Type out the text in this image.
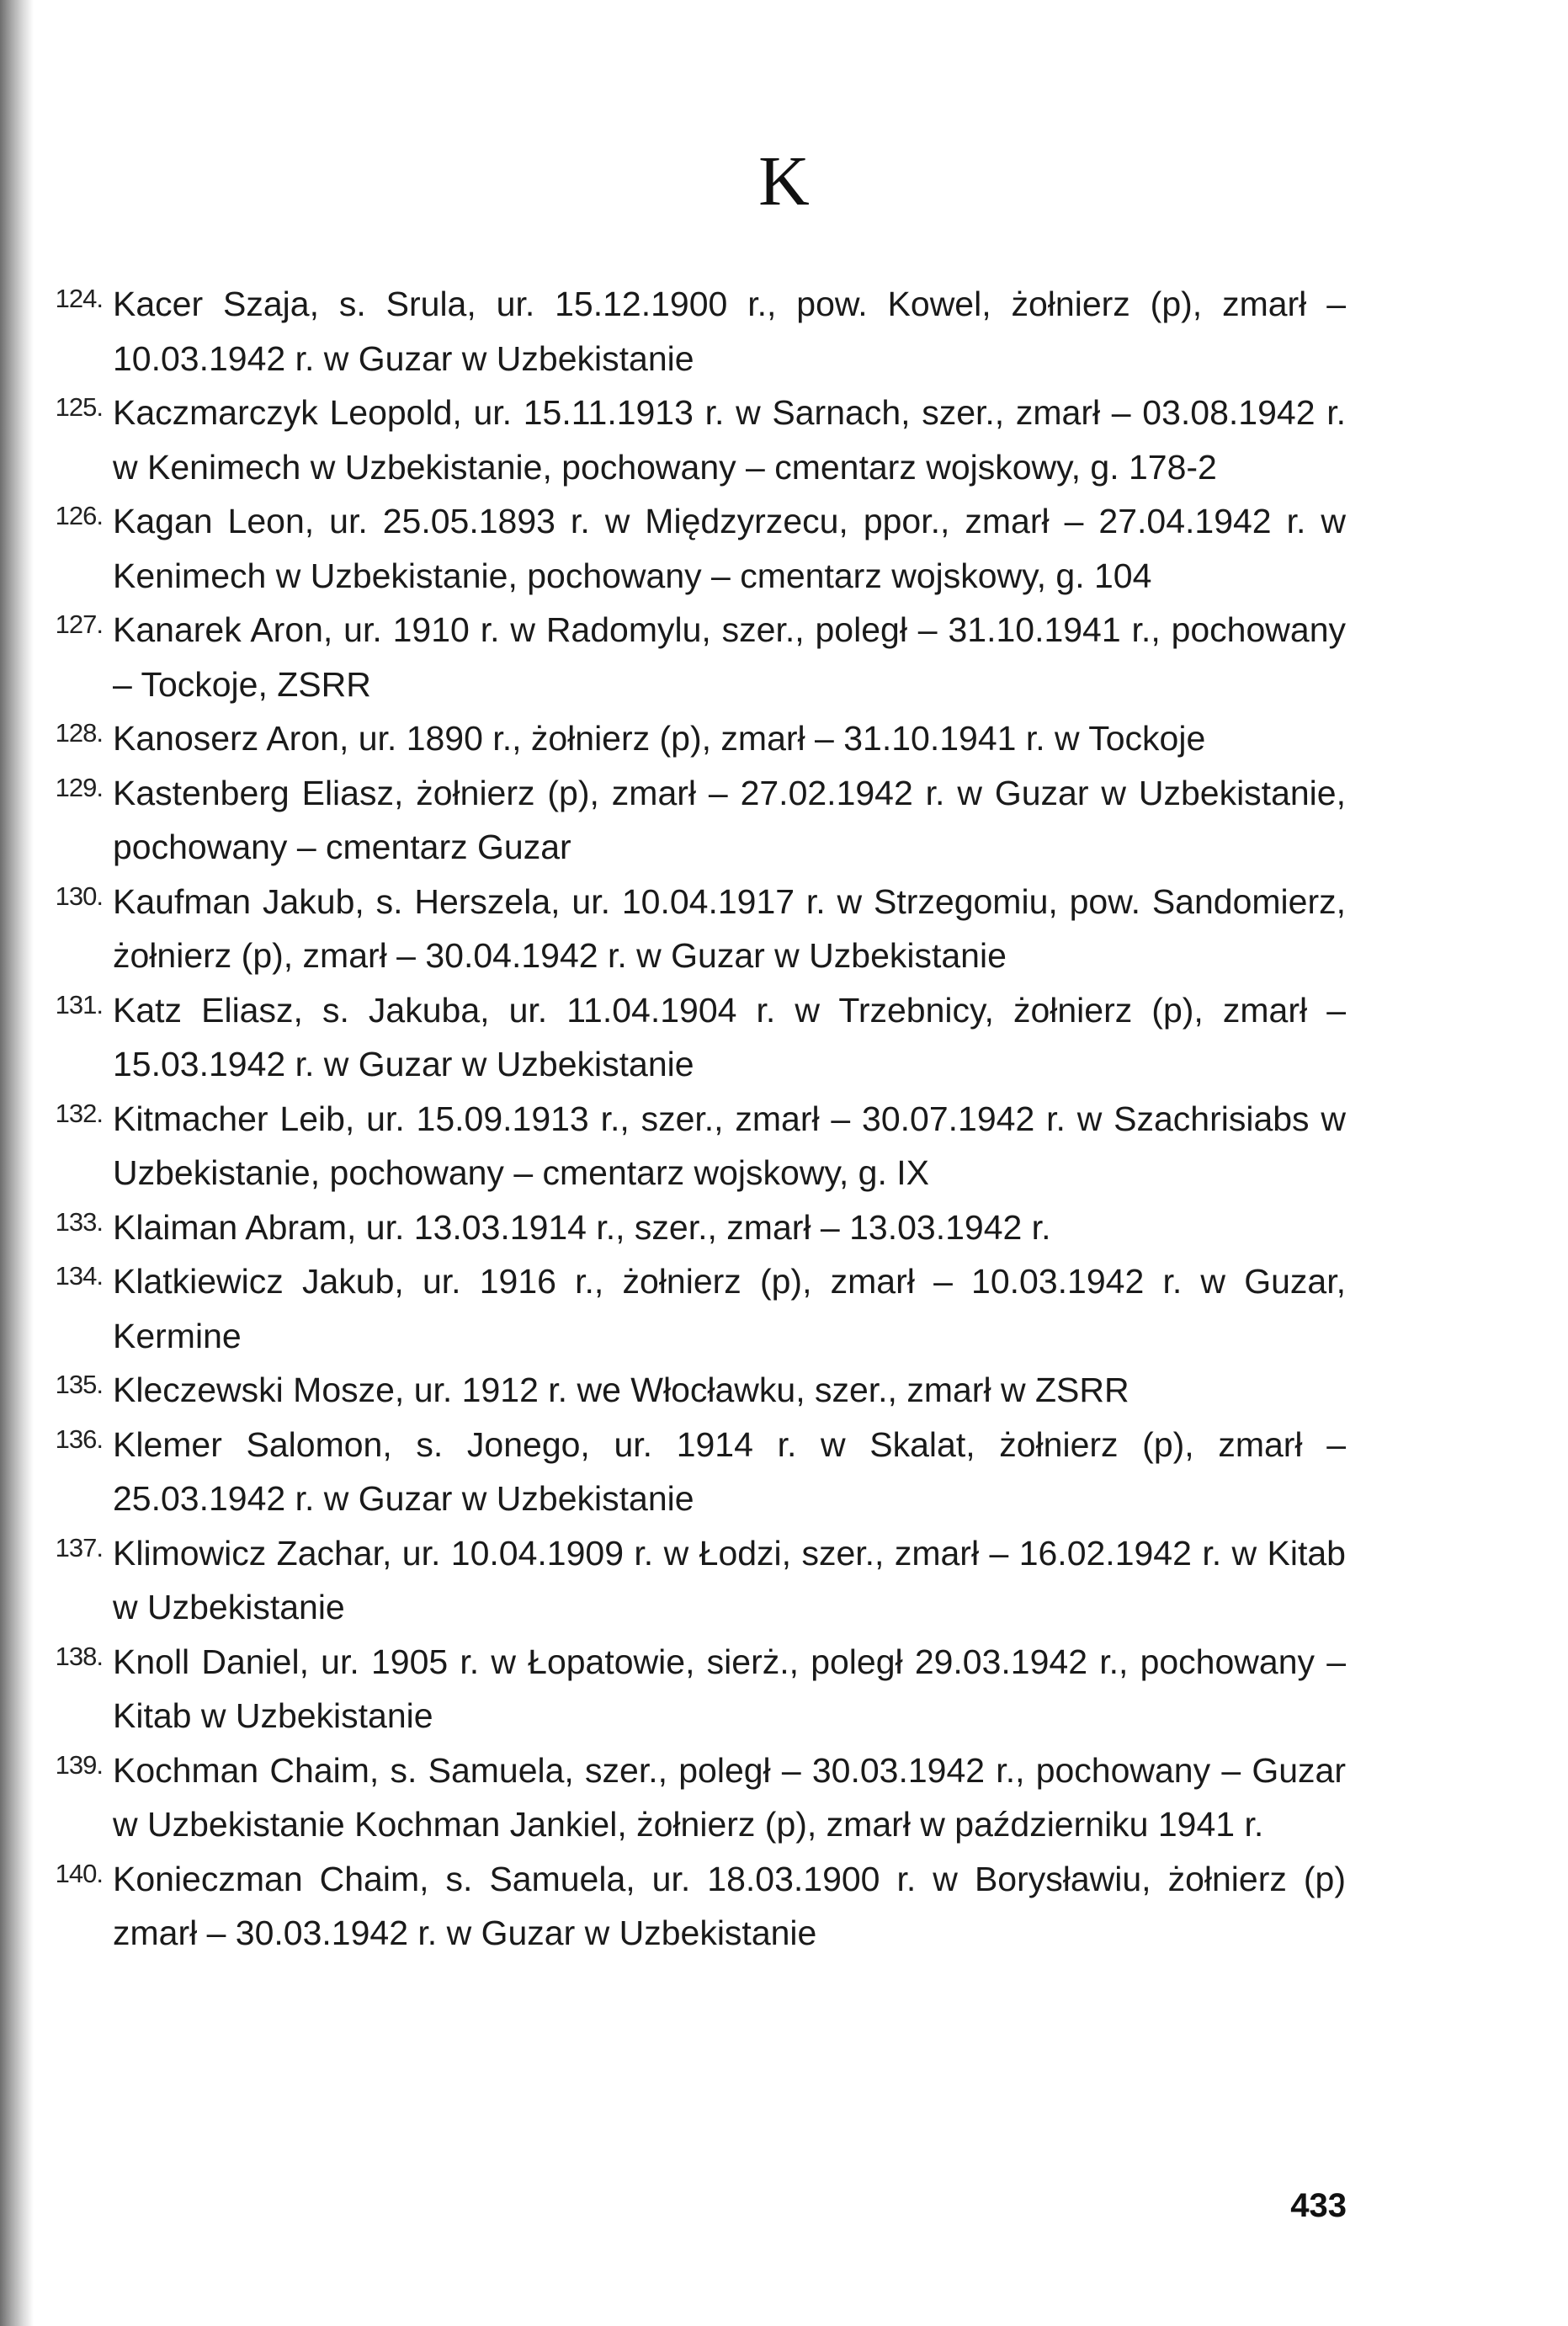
K
124. Kacer Szaja, s. Srula, ur. 15.12.1900 r., pow. Kowel, żołnierz (p), zmarł – 10.03.1942 r. w Guzar w Uzbekistanie
125. Kaczmarczyk Leopold, ur. 15.11.1913 r. w Sarnach, szer., zmarł – 03.08.1942 r. w Kenimech w Uzbekistanie, pochowany – cmentarz wojskowy, g. 178-2
126. Kagan Leon, ur. 25.05.1893 r. w Międzyrzecu, ppor., zmarł – 27.04.1942 r. w Kenimech w Uzbekistanie, pochowany – cmentarz wojskowy, g. 104
127. Kanarek Aron, ur. 1910 r. w Radomylu, szer., poległ – 31.10.1941 r., pochowany – Tockoje, ZSRR
128. Kanoserz Aron, ur. 1890 r., żołnierz (p), zmarł – 31.10.1941 r. w Tockoje
129. Kastenberg Eliasz, żołnierz (p), zmarł – 27.02.1942 r. w Guzar w Uzbekistanie, pochowany – cmentarz Guzar
130. Kaufman Jakub, s. Herszela, ur. 10.04.1917 r. w Strzegomiu, pow. Sandomierz, żołnierz (p), zmarł – 30.04.1942 r. w Guzar w Uzbekistanie
131. Katz Eliasz, s. Jakuba, ur. 11.04.1904 r. w Trzebnicy, żołnierz (p), zmarł – 15.03.1942 r. w Guzar w Uzbekistanie
132. Kitmacher Leib, ur. 15.09.1913 r., szer., zmarł – 30.07.1942 r. w Szachrisiabs w Uzbekistanie, pochowany – cmentarz wojskowy, g. IX
133. Klaiman Abram, ur. 13.03.1914 r., szer., zmarł – 13.03.1942 r.
134. Klatkiewicz Jakub, ur. 1916 r., żołnierz (p), zmarł – 10.03.1942 r. w Guzar, Kermine
135. Kleczewski Mosze, ur. 1912 r. we Włocławku, szer., zmarł w ZSRR
136. Klemer Salomon, s. Jonego, ur. 1914 r. w Skalat, żołnierz (p), zmarł – 25.03.1942 r. w Guzar w Uzbekistanie
137. Klimowicz Zachar, ur. 10.04.1909 r. w Łodzi, szer., zmarł – 16.02.1942 r. w Kitab w Uzbekistanie
138. Knoll Daniel, ur. 1905 r. w Łopatowie, sierż., poległ 29.03.1942 r., pochowany – Kitab w Uzbekistanie
139. Kochman Chaim, s. Samuela, szer., poległ – 30.03.1942 r., pochowany – Guzar w Uzbekistanie Kochman Jankiel, żołnierz (p), zmarł w październiku 1941 r.
140. Konieczman Chaim, s. Samuela, ur. 18.03.1900 r. w Borysławiu, żołnierz (p) zmarł – 30.03.1942 r. w Guzar w Uzbekistanie
433
